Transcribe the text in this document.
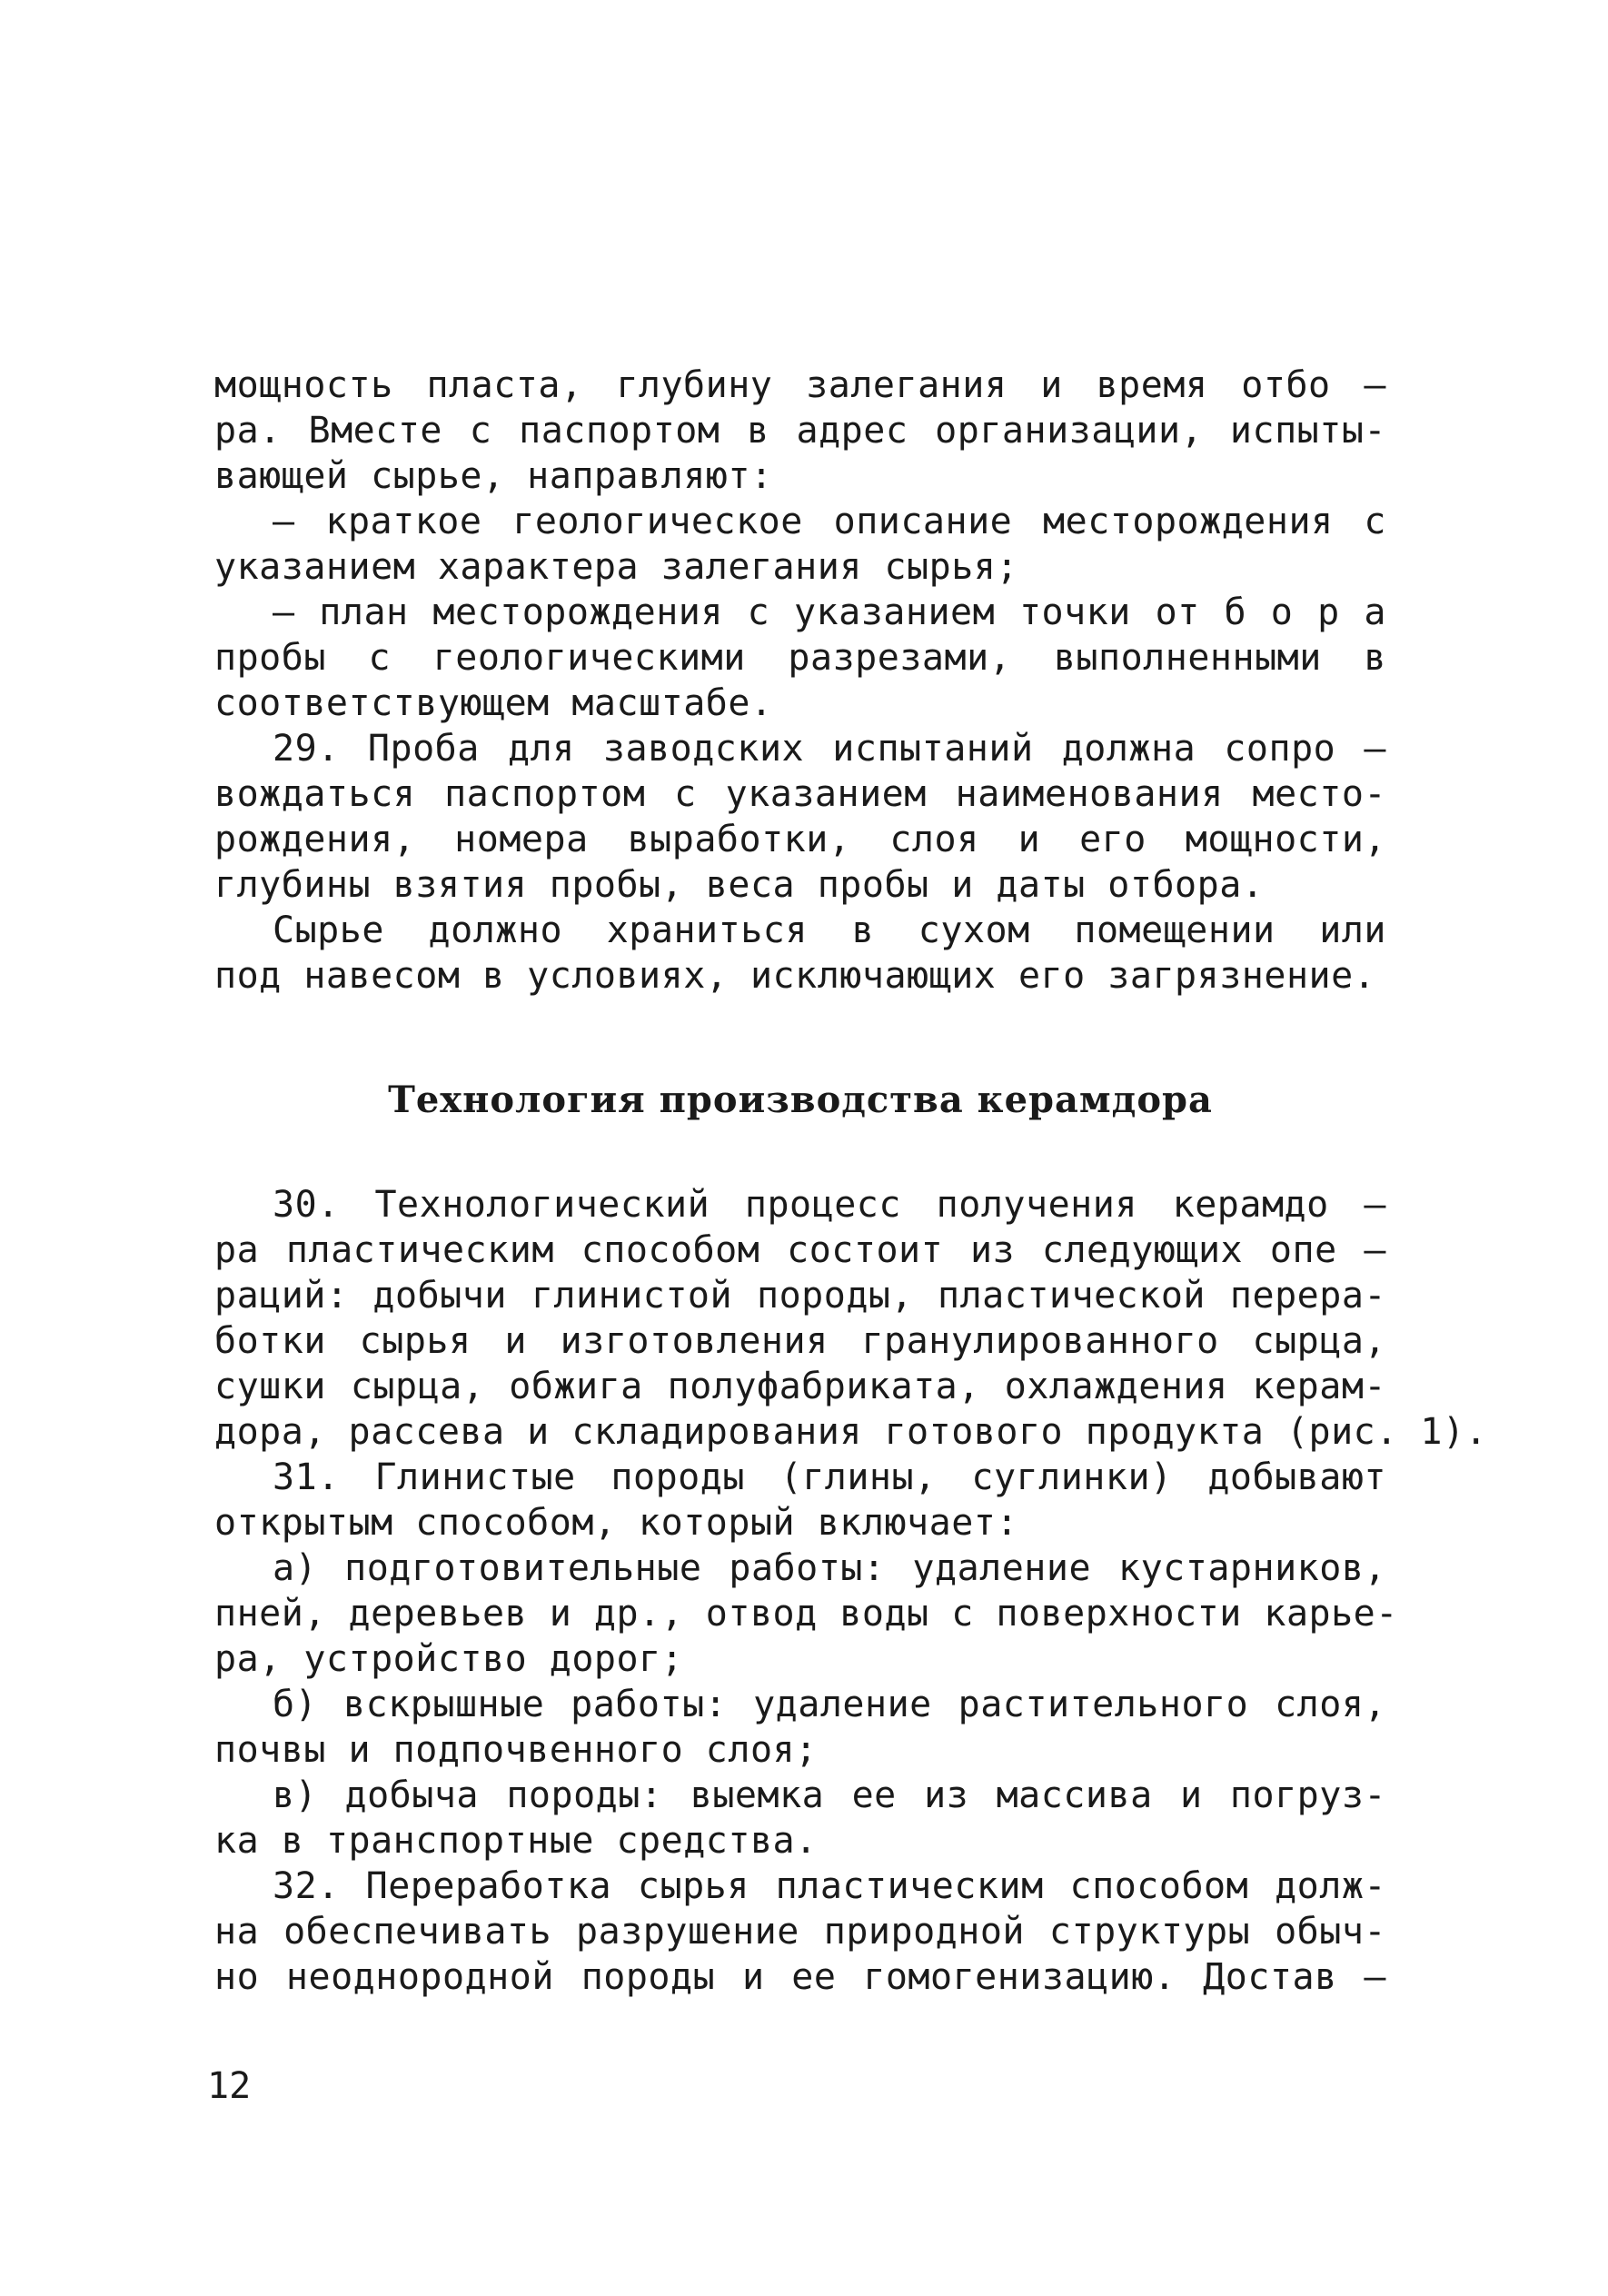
мощность пласта, глубину залегания и время отбо –
ра. Вместе с паспортом в адрес организации, испыты-
вающей сырье, направляют:
– краткое геологическое описание месторождения с
указанием характера залегания сырья;
– план месторождения с указанием точки от б о р а
пробы с геологическими разрезами, выполненными в
соответствующем масштабе.
29. Проба для заводских испытаний должна сопро –
вождаться паспортом с указанием наименования место-
рождения, номера выработки, слоя и его мощности,
глубины взятия пробы, веса пробы и даты отбора.
Сырье должно храниться в сухом помещении или
под навесом в условиях, исключающих его загрязнение.
Технология производства керамдора
30. Технологический процесс получения керамдо –
ра пластическим способом состоит из следующих опе –
раций: добычи глинистой породы, пластической перера-
ботки сырья и изготовления гранулированного сырца,
сушки сырца, обжига полуфабриката, охлаждения керам-
дора, рассева и складирования готового продукта (рис. 1).
31. Глинистые породы (глины, суглинки) добывают
открытым способом, который включает:
а) подготовительные работы: удаление кустарников,
пней, деревьев и др., отвод воды с поверхности карье-
ра, устройство дорог;
б) вскрышные работы: удаление растительного слоя,
почвы и подпочвенного слоя;
в) добыча породы: выемка ее из массива и погруз-
ка в транспортные средства.
32. Переработка сырья пластическим способом долж-
на обеспечивать разрушение природной структуры обыч-
но неоднородной породы и ее гомогенизацию. Достав –
12
